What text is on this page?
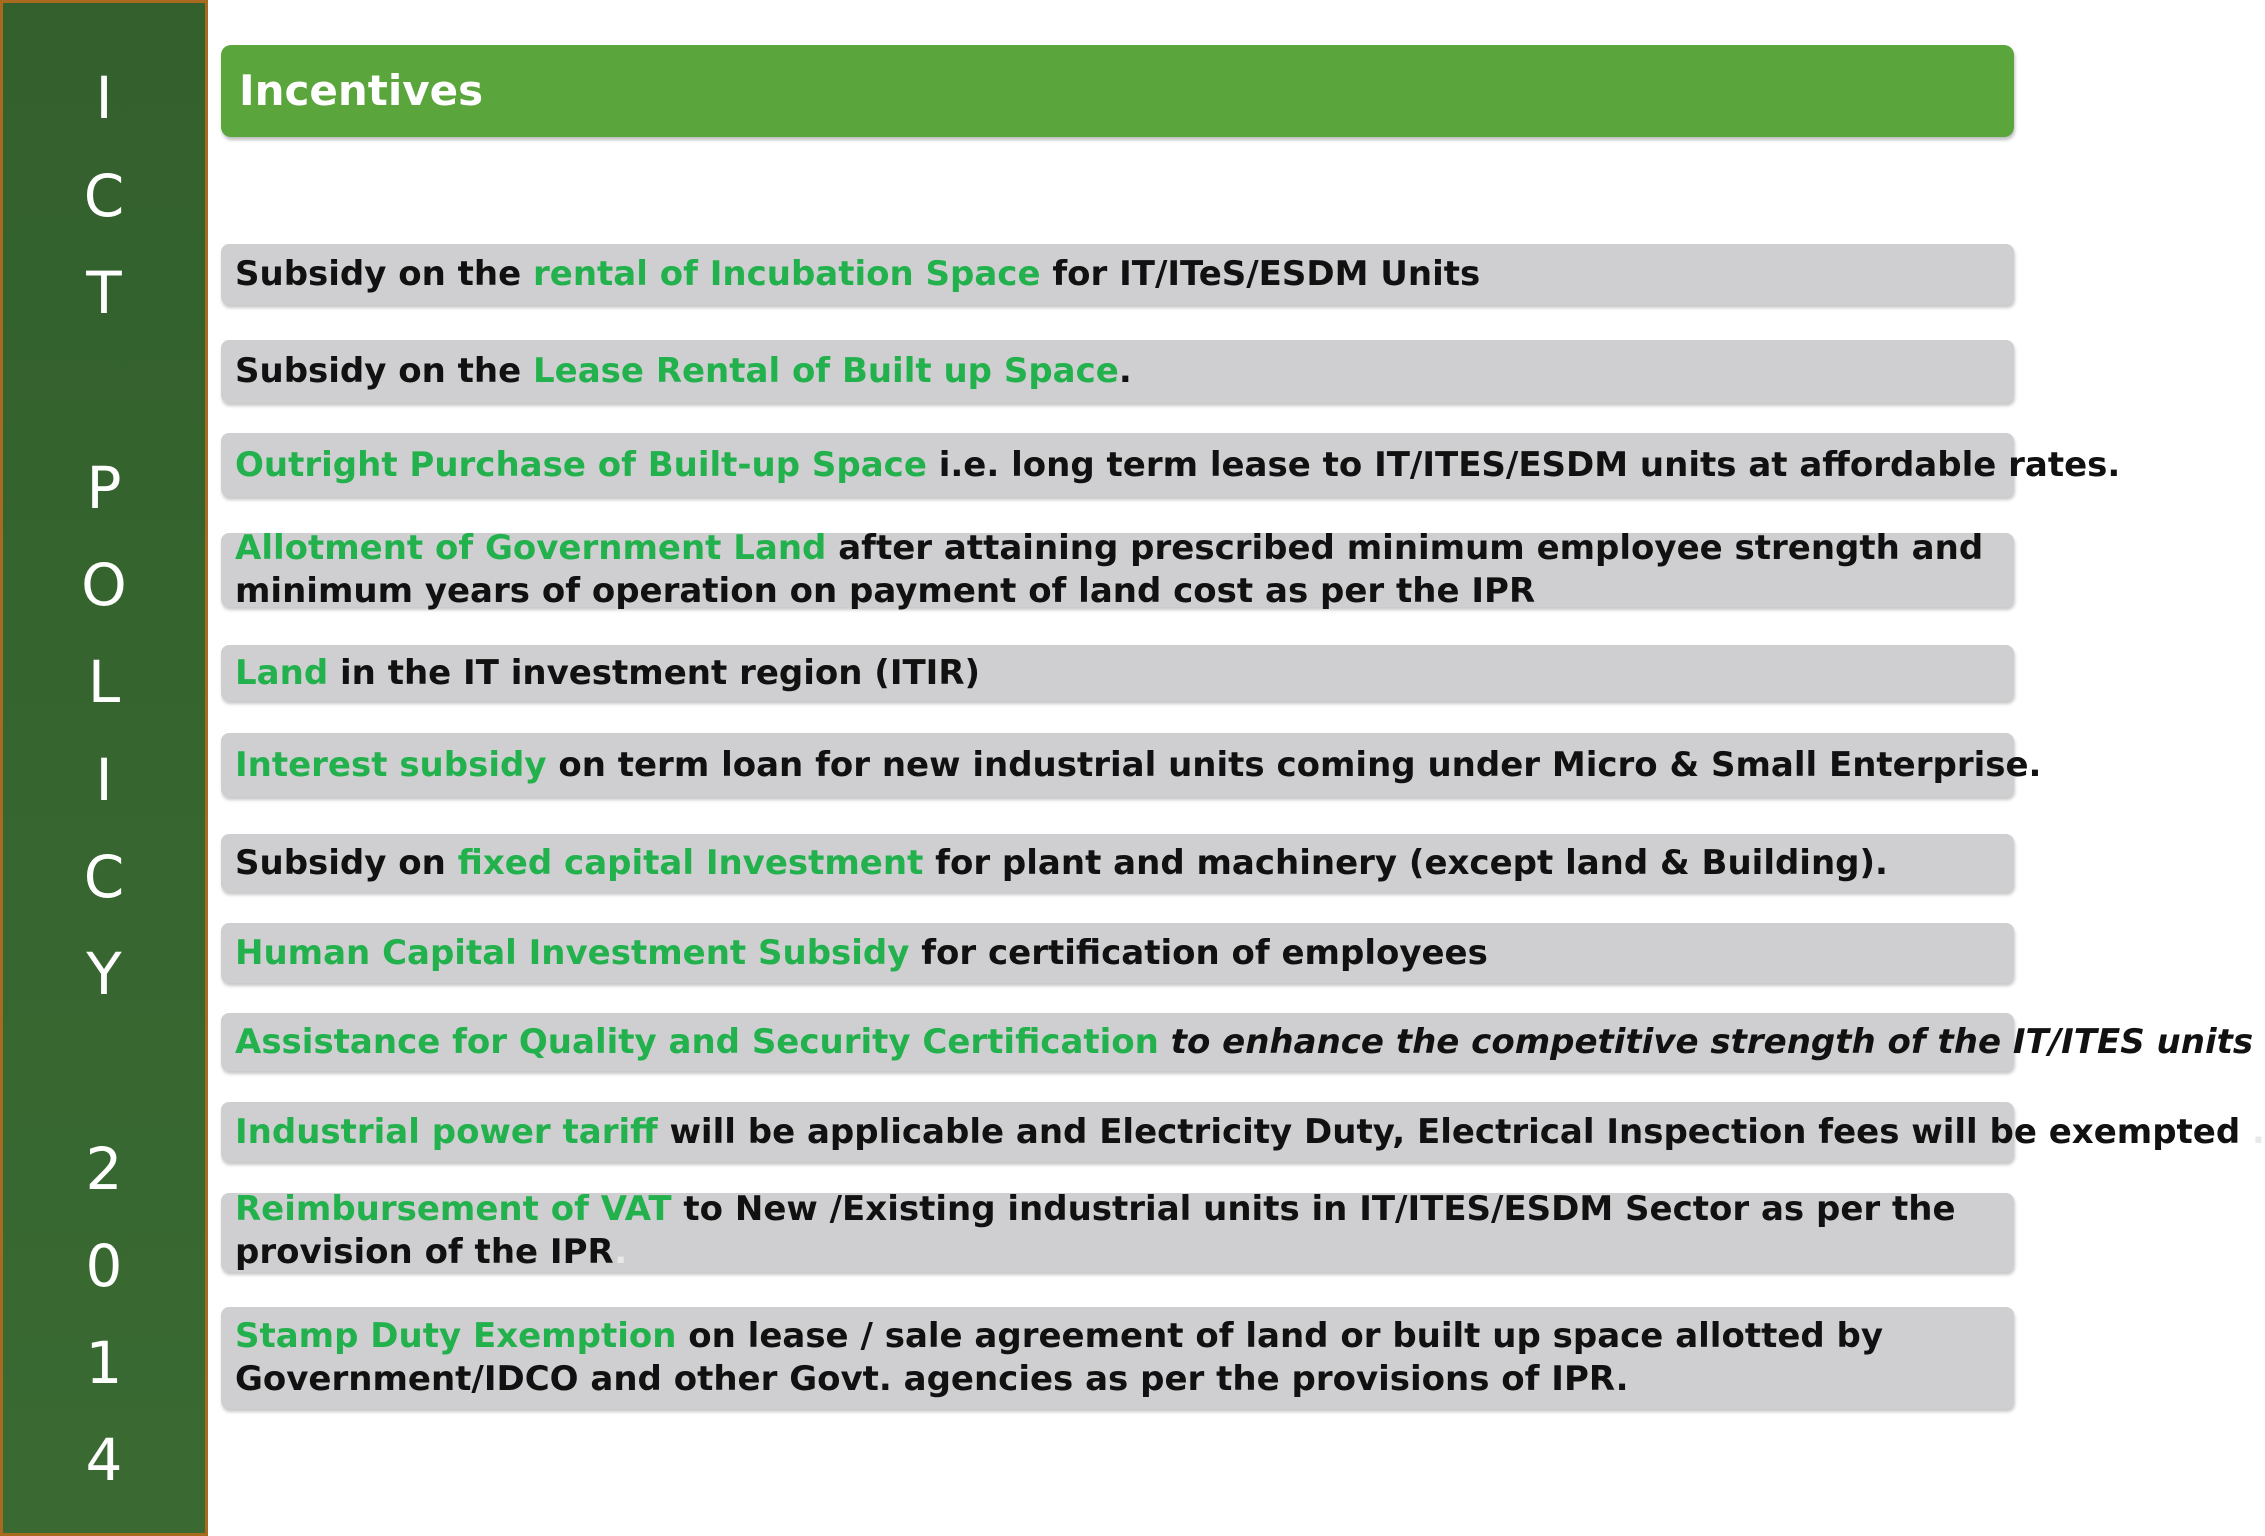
I
C
T
P
O
L
I
C
Y
2
0
1
4
Incentives
Subsidy on the rental of Incubation Space for IT/ITeS/ESDM Units
Subsidy on the Lease Rental of Built up Space.
Outright Purchase of Built-up Space i.e. long term lease to IT/ITES/ESDM units at affordable rates.
Allotment of Government Land after attaining prescribed minimum employee strength and minimum years of operation on payment of land cost as per the IPR
Land in the IT investment region (ITIR)
Interest subsidy on term loan for new industrial units coming under Micro & Small Enterprise.
Subsidy on fixed capital Investment for plant and machinery (except land & Building).
Human Capital Investment Subsidy for certification of employees
Assistance for Quality and Security Certification to enhance the competitive strength of the IT/ITES units
Industrial power tariff will be applicable and Electricity Duty, Electrical Inspection fees will be exempted .
Reimbursement of VAT to New /Existing industrial units in IT/ITES/ESDM Sector as per the provision of the IPR.
Stamp Duty Exemption on lease / sale agreement of land or built up space allotted by Government/IDCO and other Govt. agencies as per the provisions of IPR.
